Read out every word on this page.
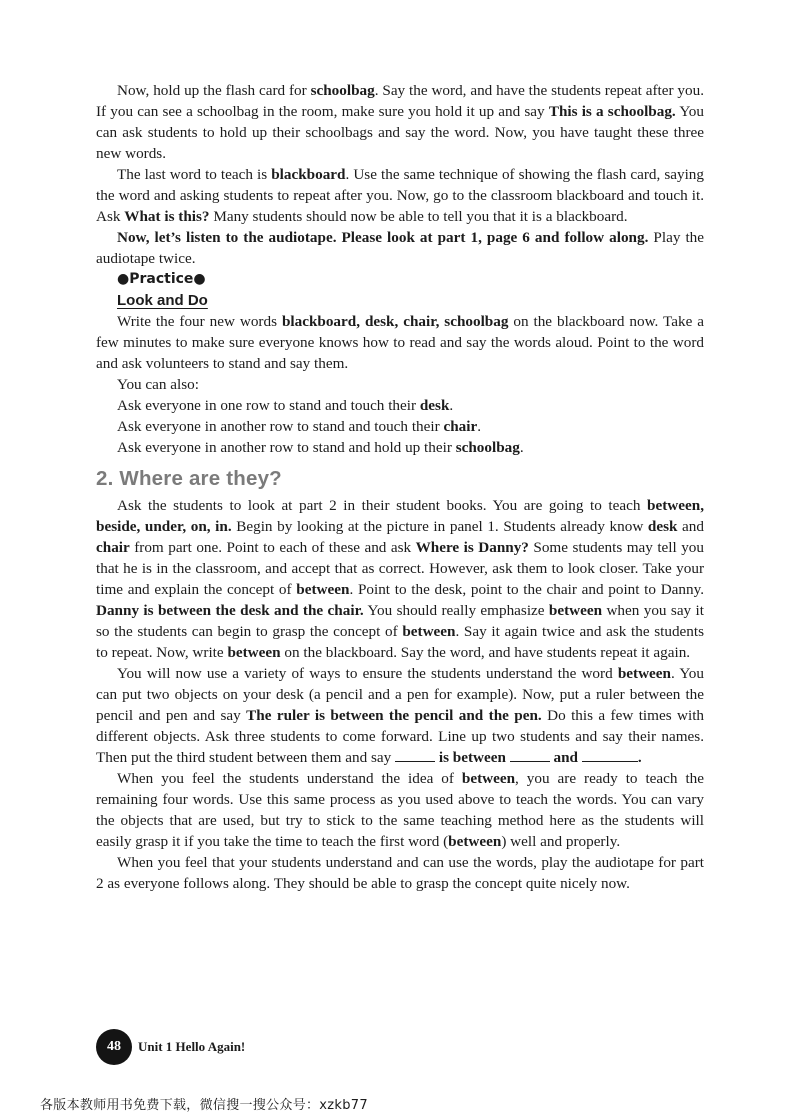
Now, hold up the flash card for schoolbag. Say the word, and have the students repeat after you. If you can see a schoolbag in the room, make sure you hold it up and say This is a schoolbag. You can ask students to hold up their schoolbags and say the word. Now, you have taught these three new words.

The last word to teach is blackboard. Use the same technique of showing the flash card, saying the word and asking students to repeat after you. Now, go to the classroom blackboard and touch it. Ask What is this? Many students should now be able to tell you that it is a blackboard.

Now, let’s listen to the audiotape. Please look at part 1, page 6 and follow along. Play the audiotape twice.

●Practice●

Look and Do

Write the four new words blackboard, desk, chair, schoolbag on the blackboard now. Take a few minutes to make sure everyone knows how to read and say the words aloud. Point to the word and ask volunteers to stand and say them.

You can also:

Ask everyone in one row to stand and touch their desk.

Ask everyone in another row to stand and touch their chair.

Ask everyone in another row to stand and hold up their schoolbag.

2. Where are they?

Ask the students to look at part 2 in their student books. You are going to teach between, beside, under, on, in. Begin by looking at the picture in panel 1. Students already know desk and chair from part one. Point to each of these and ask Where is Danny? Some students may tell you that he is in the classroom, and accept that as correct. However, ask them to look closer. Take your time and explain the concept of between. Point to the desk, point to the chair and point to Danny. Danny is between the desk and the chair. You should really emphasize between when you say it so the students can begin to grasp the concept of between. Say it again twice and ask the students to repeat. Now, write between on the blackboard. Say the word, and have students repeat it again.

You will now use a variety of ways to ensure the students understand the word between. You can put two objects on your desk (a pencil and a pen for example). Now, put a ruler between the pencil and pen and say The ruler is between the pencil and the pen. Do this a few times with different objects. Ask three students to come forward. Line up two students and say their names. Then put the third student between them and say	is between	and	.

When you feel the students understand the idea of between, you are ready to teach the remaining four words. Use this same process as you used above to teach the words. You can vary the objects that are used, but try to stick to the same teaching method here as the students will easily grasp it if you take the time to teach the first word (between) well and properly.

When you feel that your students understand and can use the words, play the audiotape for part 2 as everyone follows along. They should be able to grasp the concept quite nicely now.

48	Unit 1 Hello Again!
各版本教师用书免费下载，微信搜一搜公众号：xzkb77
